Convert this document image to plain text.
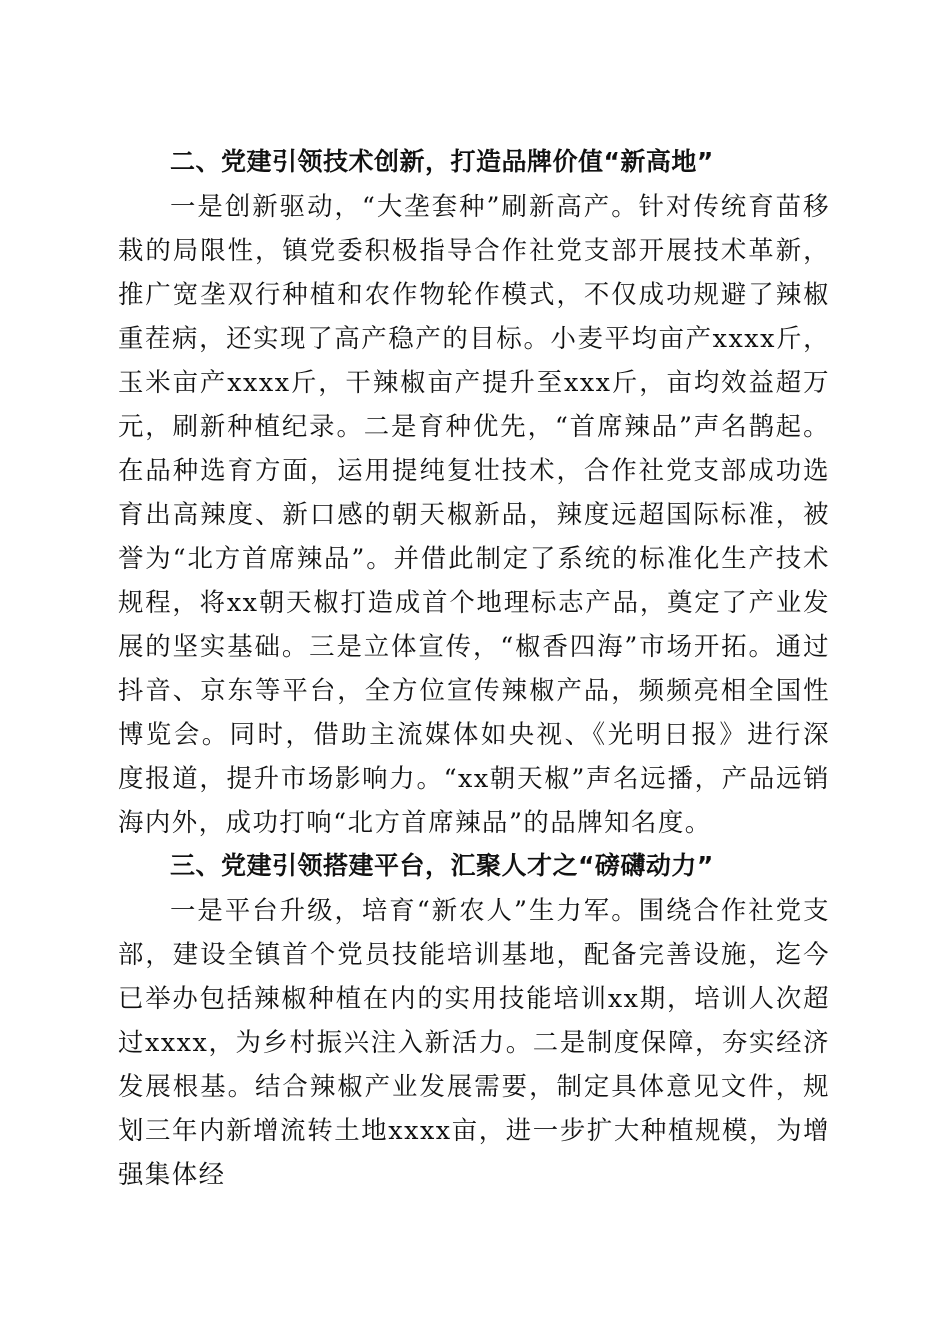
二、党建引领技术创新，打造品牌价值“新高地”

一是创新驱动，“大垄套种”刷新高产。针对传统育苗移栽的局限性，镇党委积极指导合作社党支部开展技术革新，推广宽垄双行种植和农作物轮作模式，不仅成功规避了辣椒重茬病，还实现了高产稳产的目标。小麦平均亩产xxxx斤，玉米亩产xxxx斤，干辣椒亩产提升至xxx斤，亩均效益超万元，刷新种植纪录。二是育种优先，“首席辣品”声名鹊起。在品种选育方面，运用提纯复壮技术，合作社党支部成功选育出高辣度、新口感的朝天椒新品，辣度远超国际标准，被誉为“北方首席辣品”。并借此制定了系统的标准化生产技术规程，将xx朝天椒打造成首个地理标志产品，奠定了产业发展的坚实基础。三是立体宣传，“椒香四海”市场开拓。通过抖音、京东等平台，全方位宣传辣椒产品，频频亮相全国性博览会。同时，借助主流媒体如央视、《光明日报》进行深度报道，提升市场影响力。“xx朝天椒”声名远播，产品远销海内外，成功打响“北方首席辣品”的品牌知名度。

三、党建引领搭建平台，汇聚人才之“磅礴动力”

一是平台升级，培育“新农人”生力军。围绕合作社党支部，建设全镇首个党员技能培训基地，配备完善设施，迄今已举办包括辣椒种植在内的实用技能培训xx期，培训人次超过xxxx，为乡村振兴注入新活力。二是制度保障，夯实经济发展根基。结合辣椒产业发展需要，制定具体意见文件，规划三年内新增流转土地xxxx亩，进一步扩大种植规模，为增强集体经
